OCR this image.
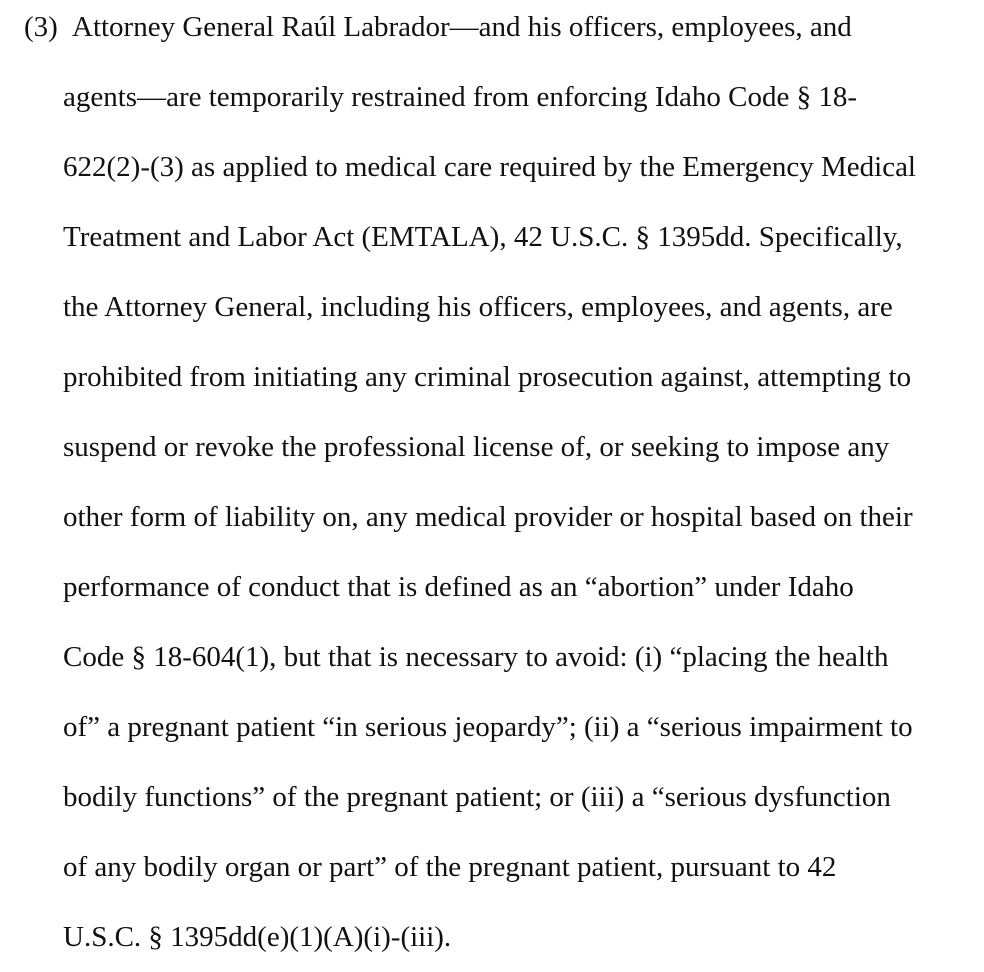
(3) Attorney General Raúl Labrador—and his officers, employees, and
agents—are temporarily restrained from enforcing Idaho Code § 18-
622(2)-(3) as applied to medical care required by the Emergency Medical
Treatment and Labor Act (EMTALA), 42 U.S.C. § 1395dd. Specifically,
the Attorney General, including his officers, employees, and agents, are
prohibited from initiating any criminal prosecution against, attempting to
suspend or revoke the professional license of, or seeking to impose any
other form of liability on, any medical provider or hospital based on their
performance of conduct that is defined as an “abortion” under Idaho
Code § 18-604(1), but that is necessary to avoid: (i) “placing the health
of” a pregnant patient “in serious jeopardy”; (ii) a “serious impairment to
bodily functions” of the pregnant patient; or (iii) a “serious dysfunction
of any bodily organ or part” of the pregnant patient, pursuant to 42
U.S.C. § 1395dd(e)(1)(A)(i)-(iii).
